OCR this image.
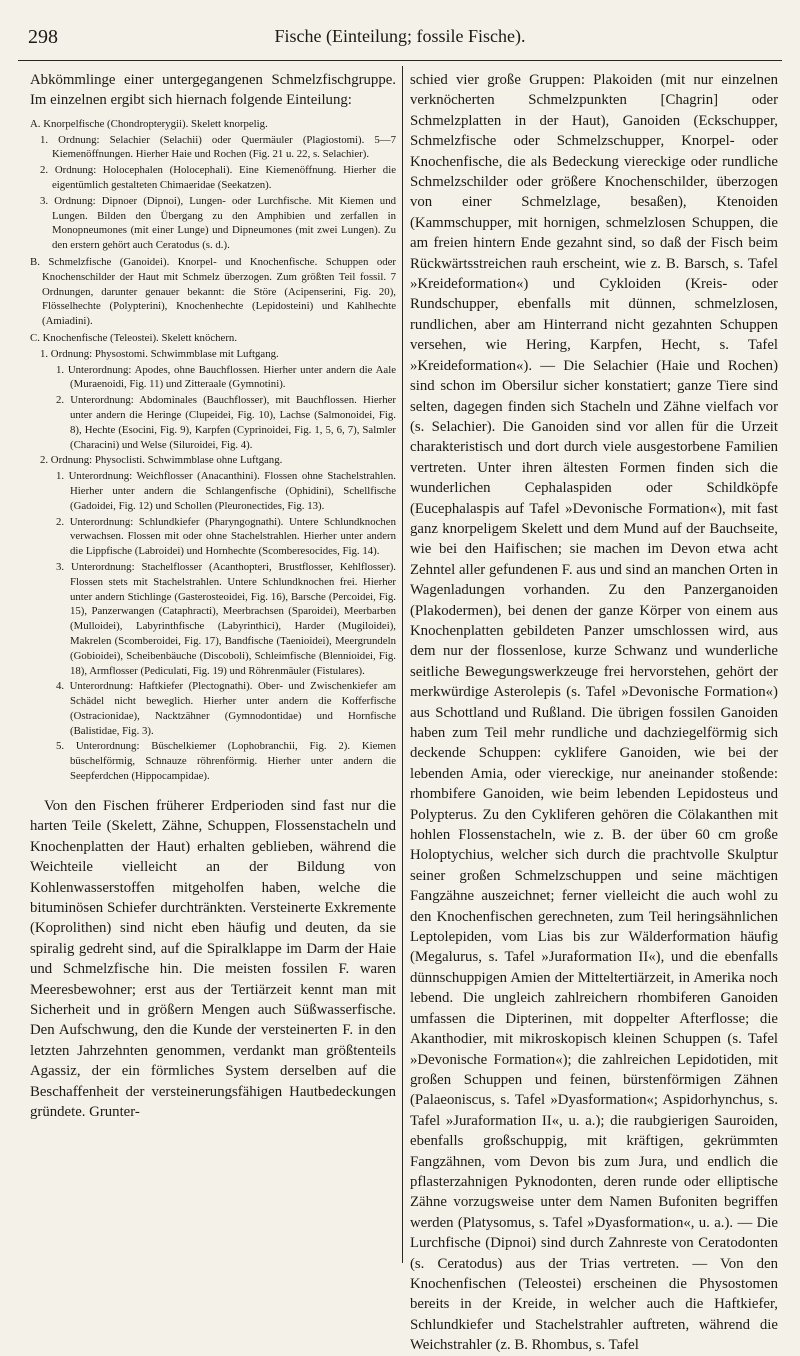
298	Fische (Einteilung; fossile Fische).

Abkömmlinge einer untergegangenen Schmelzfischgruppe. Im einzelnen ergibt sich hiernach folgende Einteilung:

A. Knorpelfische (Chondropterygii). Skelett knorpelig.

1. Ordnung: Selachier (Selachii) oder Quermäuler (Plagiostomi). 5—7 Kiemenöffnungen. Hierher Haie und Rochen (Fig. 21 u. 22, s. Selachier).

2. Ordnung: Holocephalen (Holocephali). Eine Kiemenöffnung. Hierher die eigentümlich gestalteten Chimaeridae (Seekatzen).

3. Ordnung: Dipnoer (Dipnoi), Lungen- oder Lurchfische. Mit Kiemen und Lungen. Bilden den Übergang zu den Amphibien und zerfallen in Monopneumones (mit einer Lunge) und Dipneumones (mit zwei Lungen). Zu den erstern gehört auch Ceratodus (s. d.).

B. Schmelzfische (Ganoidei). Knorpel- und Knochenfische. Schuppen oder Knochenschilder der Haut mit Schmelz überzogen. Zum größten Teil fossil. 7 Ordnungen, darunter genauer bekannt: die Störe (Acipenserini, Fig. 20), Flösselhechte (Polypterini), Knochenhechte (Lepidosteini) und Kahlhechte (Amiadini).

C. Knochenfische (Teleostei). Skelett knöchern.

1. Ordnung: Physostomi. Schwimmblase mit Luftgang.

1. Unterordnung: Apodes, ohne Bauchflossen. Hierher unter andern die Aale (Muraenoidi, Fig. 11) und Zitteraale (Gymnotini).

2. Unterordnung: Abdominales (Bauchflosser), mit Bauchflossen. Hierher unter andern die Heringe (Clupeidei, Fig. 10), Lachse (Salmonoidei, Fig. 8), Hechte (Esocini, Fig. 9), Karpfen (Cyprinoidei, Fig. 1, 5, 6, 7), Salmler (Characini) und Welse (Siluroidei, Fig. 4).

2. Ordnung: Physoclisti. Schwimmblase ohne Luftgang.

1. Unterordnung: Weichflosser (Anacanthini). Flossen ohne Stachelstrahlen. Hierher unter andern die Schlangenfische (Ophidini), Schellfische (Gadoidei, Fig. 12) und Schollen (Pleuronectides, Fig. 13).

2. Unterordnung: Schlundkiefer (Pharyngognathi). Untere Schlundknochen verwachsen. Flossen mit oder ohne Stachelstrahlen. Hierher unter andern die Lippfische (Labroidei) und Hornhechte (Scomberesocides, Fig. 14).

3. Unterordnung: Stachelflosser (Acanthopteri, Brustflosser, Kehlflosser). Flossen stets mit Stachelstrahlen. Untere Schlundknochen frei. Hierher unter andern Stichlinge (Gasterosteoidei, Fig. 16), Barsche (Percoidei, Fig. 15), Panzerwangen (Cataphracti), Meerbrachsen (Sparoidei), Meerbarben (Mulloidei), Labyrinthfische (Labyrinthici), Harder (Mugiloidei), Makrelen (Scomberoidei, Fig. 17), Bandfische (Taenioidei), Meergrundeln (Gobioidei), Scheibenbäuche (Discoboli), Schleimfische (Blennioidei, Fig. 18), Armflosser (Pediculati, Fig. 19) und Röhrenmäuler (Fistulares).

4. Unterordnung: Haftkiefer (Plectognathi). Ober- und Zwischenkiefer am Schädel nicht beweglich. Hierher unter andern die Kofferfische (Ostracionidae), Nacktzähner (Gymnodontidae) und Hornfische (Balistidae, Fig. 3).

5. Unterordnung: Büschelkiemer (Lophobranchii, Fig. 2). Kiemen büschelförmig, Schnauze röhrenförmig. Hierher unter andern die Seepferdchen (Hippocampidae).

Von den Fischen früherer Erdperioden sind fast nur die harten Teile (Skelett, Zähne, Schuppen, Flossenstacheln und Knochenplatten der Haut) erhalten geblieben, während die Weichteile vielleicht an der Bildung von Kohlenwasserstoffen mitgeholfen haben, welche die bituminösen Schiefer durchtränkten. Versteinerte Exkremente (Koprolithen) sind nicht eben häufig und deuten, da sie spiralig gedreht sind, auf die Spiralklappe im Darm der Haie und Schmelzfische hin. Die meisten fossilen F. waren Meeresbewohner; erst aus der Tertiärzeit kennt man mit Sicherheit und in größern Mengen auch Süßwasserfische. Den Aufschwung, den die Kunde der versteinerten F. in den letzten Jahrzehnten genommen, verdankt man größtenteils Agassiz, der ein förmliches System derselben auf die Beschaffenheit der versteinerungsfähigen Hautbedeckungen gründete. Grunter-

schied vier große Gruppen: Plakoiden (mit nur einzelnen verknöcherten Schmelzpunkten [Chagrin] oder Schmelzplatten in der Haut), Ganoiden (Eckschupper, Schmelzfische oder Schmelzschupper, Knorpel- oder Knochenfische, die als Bedeckung viereckige oder rundliche Schmelzschilder oder größere Knochenschilder, überzogen von einer Schmelzlage, besaßen), Ktenoiden (Kammschupper, mit hornigen, schmelzlosen Schuppen, die am freien hintern Ende gezahnt sind, so daß der Fisch beim Rückwärtsstreichen rauh erscheint, wie z. B. Barsch, s. Tafel »Kreideformation«) und Cykloiden (Kreis- oder Rundschupper, ebenfalls mit dünnen, schmelzlosen, rundlichen, aber am Hinterrand nicht gezahnten Schuppen versehen, wie Hering, Karpfen, Hecht, s. Tafel »Kreideformation«). — Die Selachier (Haie und Rochen) sind schon im Obersilur sicher konstatiert; ganze Tiere sind selten, dagegen finden sich Stacheln und Zähne vielfach vor (s. Selachier). Die Ganoiden sind vor allen für die Urzeit charakteristisch und dort durch viele ausgestorbene Familien vertreten. Unter ihren ältesten Formen finden sich die wunderlichen Cephalaspiden oder Schildköpfe (Eucephalaspis auf Tafel »Devonische Formation«), mit fast ganz knorpeligem Skelett und dem Mund auf der Bauchseite, wie bei den Haifischen; sie machen im Devon etwa acht Zehntel aller gefundenen F. aus und sind an manchen Orten in Wagenladungen vorhanden. Zu den Panzerganoiden (Plakodermen), bei denen der ganze Körper von einem aus Knochenplatten gebildeten Panzer umschlossen wird, aus dem nur der flossenlose, kurze Schwanz und wunderliche seitliche Bewegungswerkzeuge frei hervorstehen, gehört der merkwürdige Asterolepis (s. Tafel »Devonische Formation«) aus Schottland und Rußland. Die übrigen fossilen Ganoiden haben zum Teil mehr rundliche und dachziegelförmig sich deckende Schuppen: cyklifere Ganoiden, wie bei der lebenden Amia, oder viereckige, nur aneinander stoßende: rhombifere Ganoiden, wie beim lebenden Lepidosteus und Polypterus. Zu den Cykliferen gehören die Cölakanthen mit hohlen Flossenstacheln, wie z. B. der über 60 cm große Holoptychius, welcher sich durch die prachtvolle Skulptur seiner großen Schmelzschuppen und seine mächtigen Fangzähne auszeichnet; ferner vielleicht die auch wohl zu den Knochenfischen gerechneten, zum Teil heringsähnlichen Leptolepiden, vom Lias bis zur Wälderformation häufig (Megalurus, s. Tafel »Juraformation II«), und die ebenfalls dünnschuppigen Amien der Mitteltertiärzeit, in Amerika noch lebend. Die ungleich zahlreichern rhombiferen Ganoiden umfassen die Dipterinen, mit doppelter Afterflosse; die Akanthodier, mit mikroskopisch kleinen Schuppen (s. Tafel »Devonische Formation«); die zahlreichen Lepidotiden, mit großen Schuppen und feinen, bürstenförmigen Zähnen (Palaeoniscus, s. Tafel »Dyasformation«; Aspidorhynchus, s. Tafel »Juraformation II«, u. a.); die raubgierigen Sauroiden, ebenfalls großschuppig, mit kräftigen, gekrümmten Fangzähnen, vom Devon bis zum Jura, und endlich die pflasterzahnigen Pyknodonten, deren runde oder elliptische Zähne vorzugsweise unter dem Namen Bufoniten begriffen werden (Platysomus, s. Tafel »Dyasformation«, u. a.). — Die Lurchfische (Dipnoi) sind durch Zahnreste von Ceratodonten (s. Ceratodus) aus der Trias vertreten. — Von den Knochenfischen (Teleostei) erscheinen die Physostomen bereits in der Kreide, in welcher auch die Haftkiefer, Schlundkiefer und Stachelstrahler auftreten, während die Weichstrahler (z. B. Rhombus, s. Tafel
